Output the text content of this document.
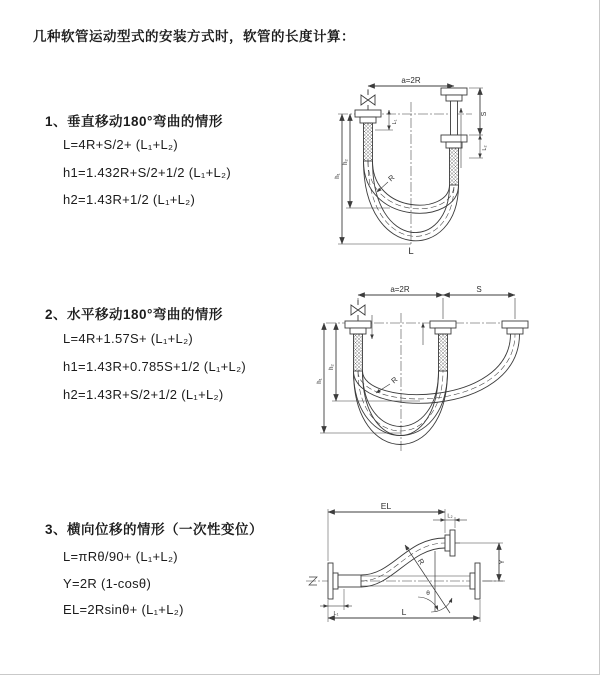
几种软管运动型式的安装方式时，软管的长度计算：
1、垂直移动180°弯曲的情形
L=4R+S/2+ (L₁+L₂)
h1=1.432R+S/2+1/2 (L₁+L₂)
h2=1.43R+1/2 (L₁+L₂)
2、水平移动180°弯曲的情形
L=4R+1.57S+ (L₁+L₂)
h1=1.43R+0.785S+1/2 (L₁+L₂)
h2=1.43R+S/2+1/2 (L₁+L₂)
3、横向位移的情形（一次性变位）
L=πRθ/90+ (L₁+L₂)
Y=2R (1-cosθ)
EL=2Rsinθ+ (L₁+L₂)
a=2R
L₁
S
L₂
h₁
h₂
R
L
a=2R	S
h₁
h₂
R
EL
L₂
Y
R
θ
L
L₁
